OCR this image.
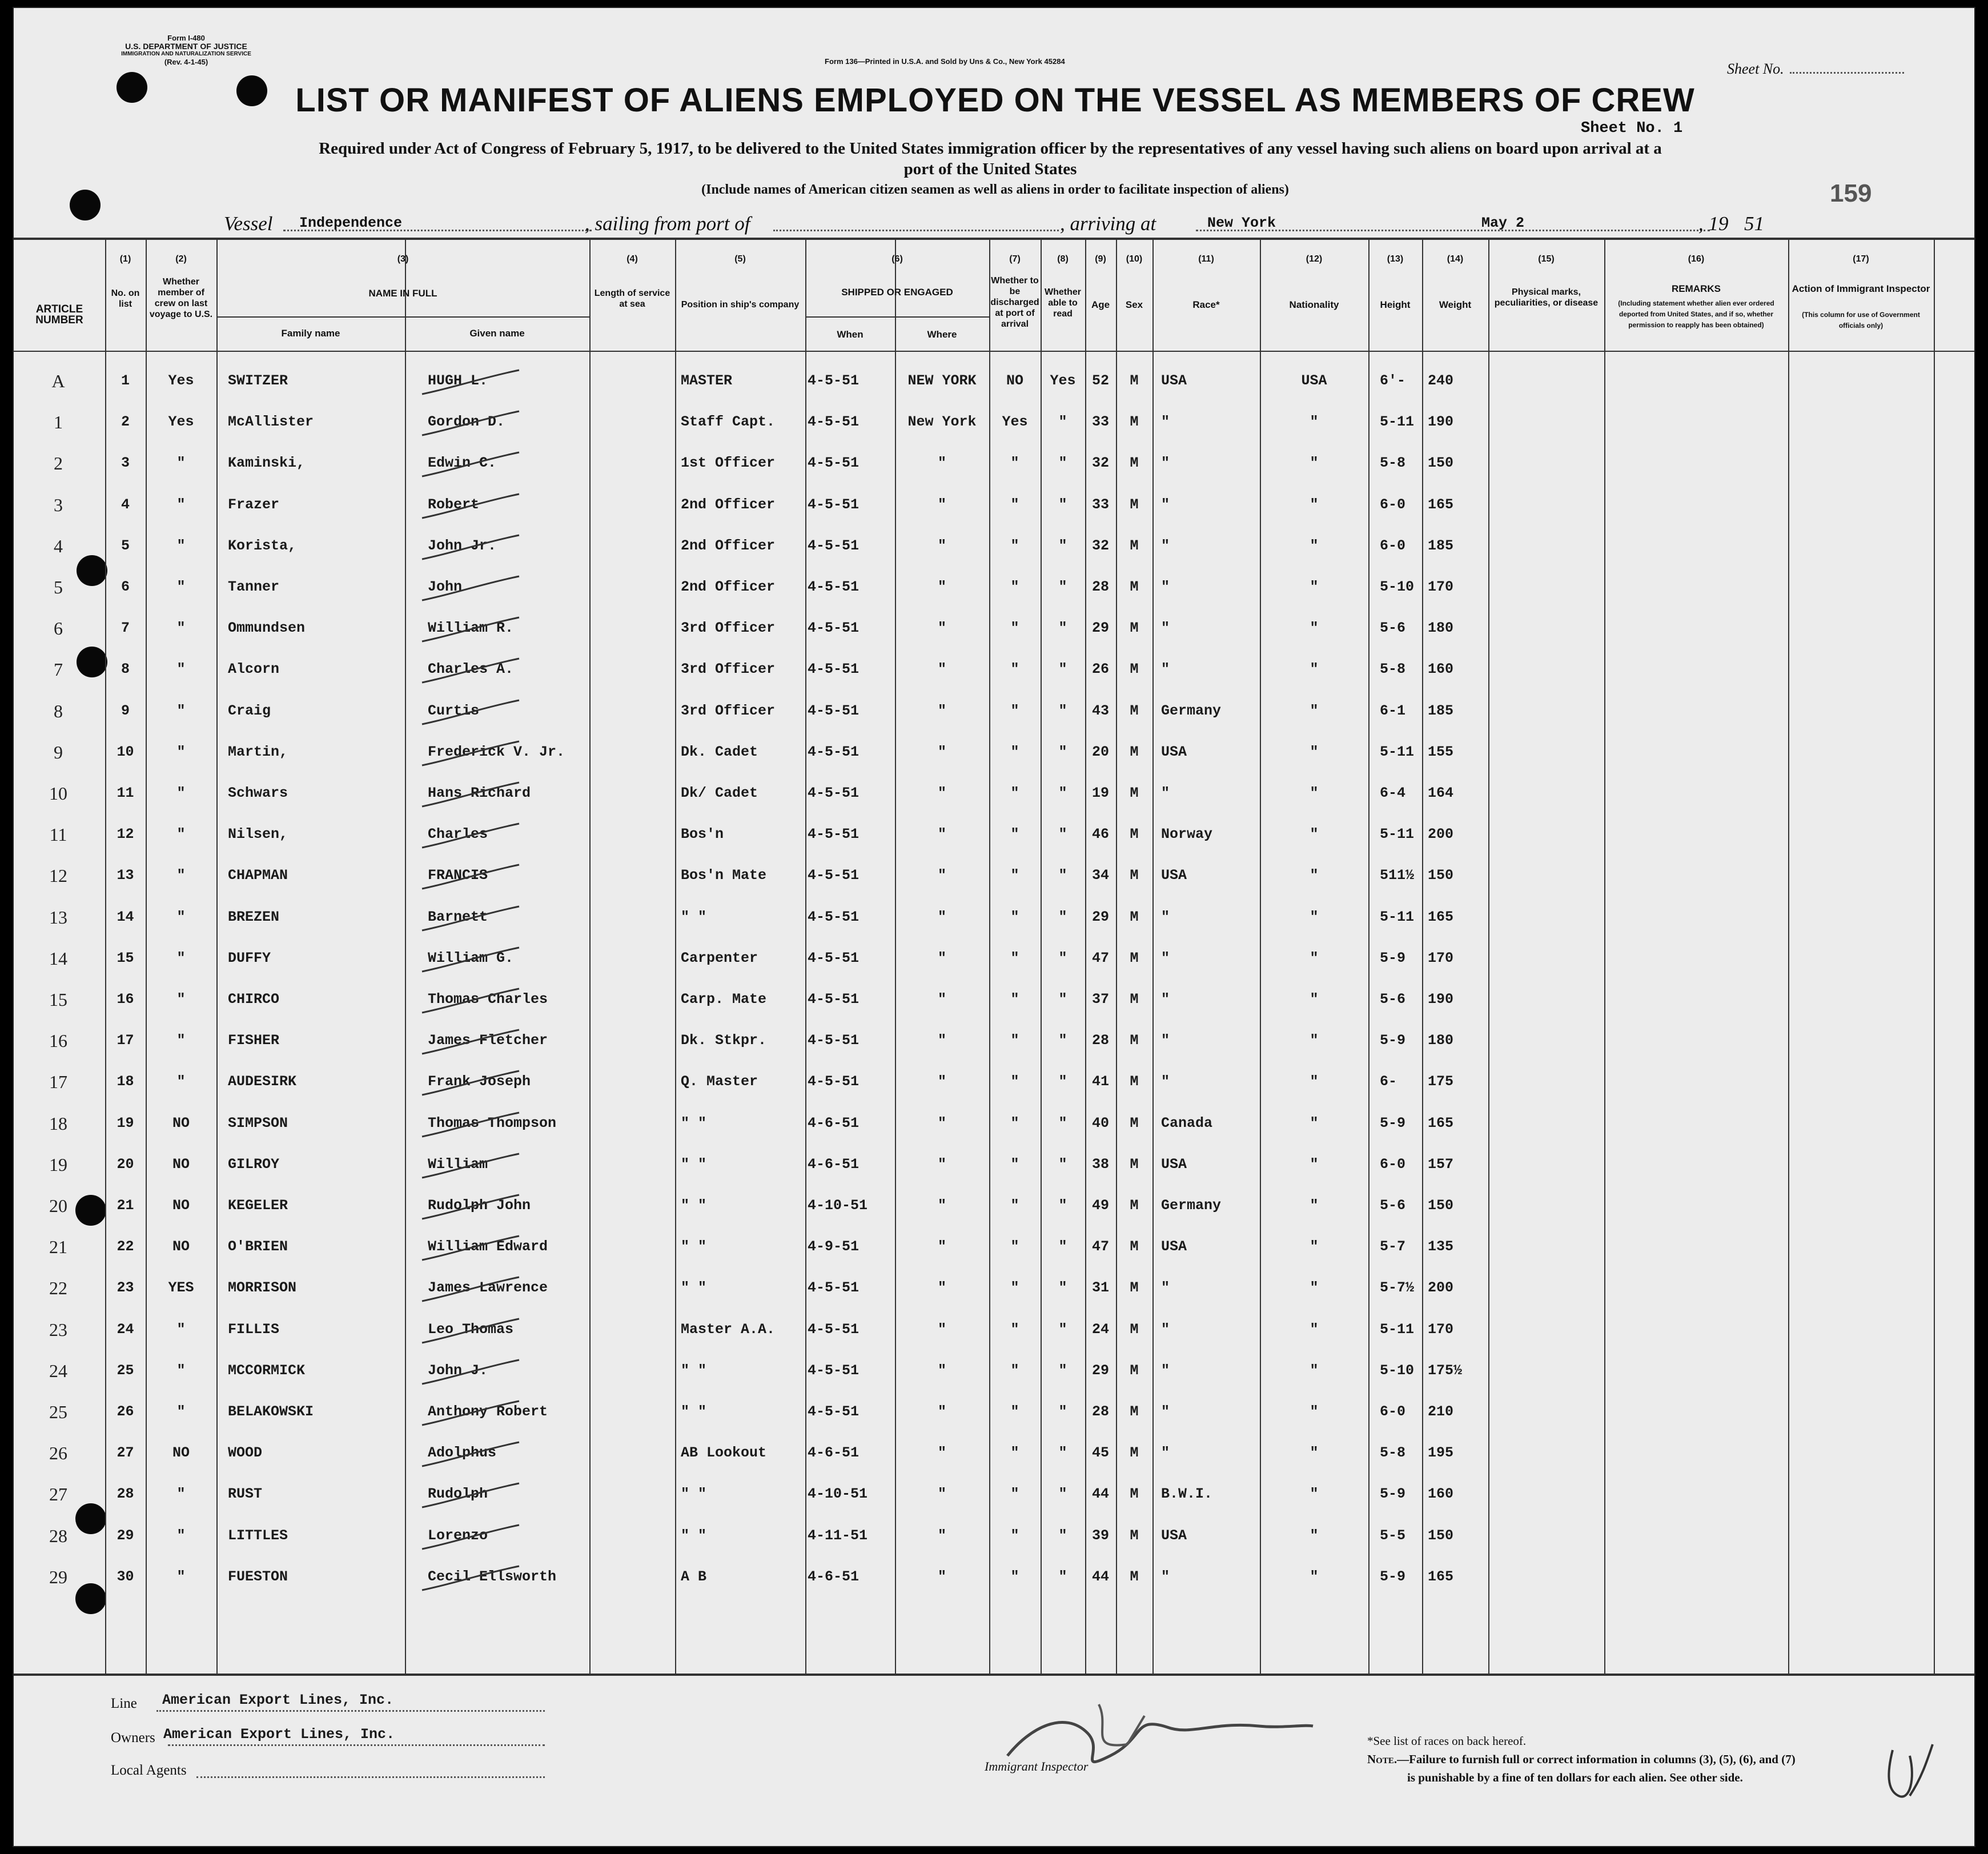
Form I-480
U.S. DEPARTMENT OF JUSTICE
IMMIGRATION AND NATURALIZATION SERVICE
(Rev. 4-1-45)	Form 136—Printed in U.S.A. and Sold by Uns & Co., New York 45284	Sheet No.
LIST OR MANIFEST OF ALIENS EMPLOYED ON THE VESSEL AS MEMBERS OF CREW
Sheet No. 1
Required under Act of Congress of February 5, 1917, to be delivered to the United States immigration officer by the representatives of any vessel having such aliens on board upon arrival at a
port of the United States
(Include names of American citizen seamen as well as aliens in order to facilitate inspection of aliens)	159
Vessel Independence	, sailing from port of	, arriving at	New York	May 2	, 19 51
(1)	(2)	(3)	(4)	(5)	(6)	(7)	(8)	(9)	(10)	(11)	(12)	(13)	(14)	(15)	(16)	(17)
ARTICLE NUMBER
No. on list
Whether member of crew on last voyage to U.S.
NAME IN FULL
Family name	Given name
Length of service at sea	Position in ship's company
SHIPPED OR ENGAGED
When	Where
Whether to be discharged at port of arrival
Whether able to read
Age	Sex	Race*	Nationality	Height	Weight
Physical marks, peculiarities, or disease
REMARKS
(Including statement whether alien ever ordered deported from United States, and if so, whether permission to reapply has been obtained)
Action of Immigrant Inspector
(This column for use of Government officials only)
A	1	Yes	SWITZER	HUGH L.	MASTER	4-5-51	NEW YORK	NO	Yes	52	M	USA	USA	6'-	240
1	2	Yes	McAllister	Gordon D.	Staff Capt.	4-5-51	New York	Yes	"	33	M	"	"	5-11 190
2	3	"	Kaminski,	Edwin C.	1st Officer	4-5-51	"	"	"	32	M	"	"	5-8	150
3	4	"	Frazer	Robert	2nd Officer	4-5-51	"	"	"	33	M	"	"	6-0	165
4	5	"	Korista,	John Jr.	2nd Officer	4-5-51	"	"	"	32	M	"	"	6-0	185
5	6	"	Tanner	John	2nd Officer	4-5-51	"	"	"	28	M	"	"	5-10 170
6	7	"	Ommundsen	William R.	3rd Officer	4-5-51	"	"	"	29	M	"	"	5-6	180
7	8	"	Alcorn	Charles A.	3rd Officer	4-5-51	"	"	"	26	M	"	"	5-8	160
8	9	"	Craig	Curtis	3rd Officer	4-5-51	"	"	"	43	M	Germany	"	6-1	185
9	10	"	Martin,	Frederick V. Jr.	Dk. Cadet	4-5-51	"	"	"	20	M	USA	"	5-11 155
10	11	"	Schwars	Hans Richard	Dk/ Cadet	4-5-51	"	"	"	19	M	"	"	6-4	164
11	12	"	Nilsen,	Charles	Bos'n	4-5-51	"	"	"	46	M	Norway	"	5-11 200
12	13	"	CHAPMAN	FRANCIS	Bos'n Mate	4-5-51	"	"	"	34	M	USA	"	511½ 150
13	14	"	BREZEN	Barnett	" "	4-5-51	"	"	"	29	M	"	"	5-11 165
14	15	"	DUFFY	William G.	Carpenter	4-5-51	"	"	"	47	M	"	"	5-9	170
15	16	"	CHIRCO	Thomas Charles	Carp. Mate	4-5-51	"	"	"	37	M	"	"	5-6	190
16	17	"	FISHER	James Fletcher	Dk. Stkpr.	4-5-51	"	"	"	28	M	"	"	5-9	180
17	18	"	AUDESIRK	Frank Joseph	Q. Master	4-5-51	"	"	"	41	M	"	"	6-	175
18	19	NO	SIMPSON	Thomas Thompson	" "	4-6-51	"	"	"	40	M	Canada	"	5-9	165
19	20	NO	GILROY	William	" "	4-6-51	"	"	"	38	M	USA	"	6-0	157
20	21	NO	KEGELER	Rudolph John	" "	4-10-51	"	"	"	49	M	Germany	"	5-6	150
21	22	NO	O'BRIEN	William Edward	" "	4-9-51	"	"	"	47	M	USA	"	5-7	135
22	23	YES	MORRISON	James Lawrence	" "	4-5-51	"	"	"	31	M	"	"	5-7½ 200
23	24	"	FILLIS	Leo Thomas	Master A.A.	4-5-51	"	"	"	24	M	"	"	5-11 170
24	25	"	MCCORMICK	John J.	" "	4-5-51	"	"	"	29	M	"	"	5-10 175½
25	26	"	BELAKOWSKI	Anthony Robert	" "	4-5-51	"	"	"	28	M	"	"	6-0	210
26	27	NO	WOOD	Adolphus	AB Lookout	4-6-51	"	"	"	45	M	"	"	5-8	195
27	28	"	RUST	Rudolph	" "	4-10-51	"	"	"	44	M	B.W.I.	"	5-9	160
28	29	"	LITTLES	Lorenzo	" "	4-11-51	"	"	"	39	M	USA	"	5-5	150
29	30	"	FUESTON	Cecil Ellsworth	A B	4-6-51	"	"	"	44	M	"	"	5-9	165
Line American Export Lines, Inc.
Owners American Export Lines, Inc.
Local Agents	Immigrant Inspector
*See list of races on back hereof.
Note.—Failure to furnish full or correct information in columns (3), (5), (6), and (7)
is punishable by a fine of ten dollars for each alien. See other side.
